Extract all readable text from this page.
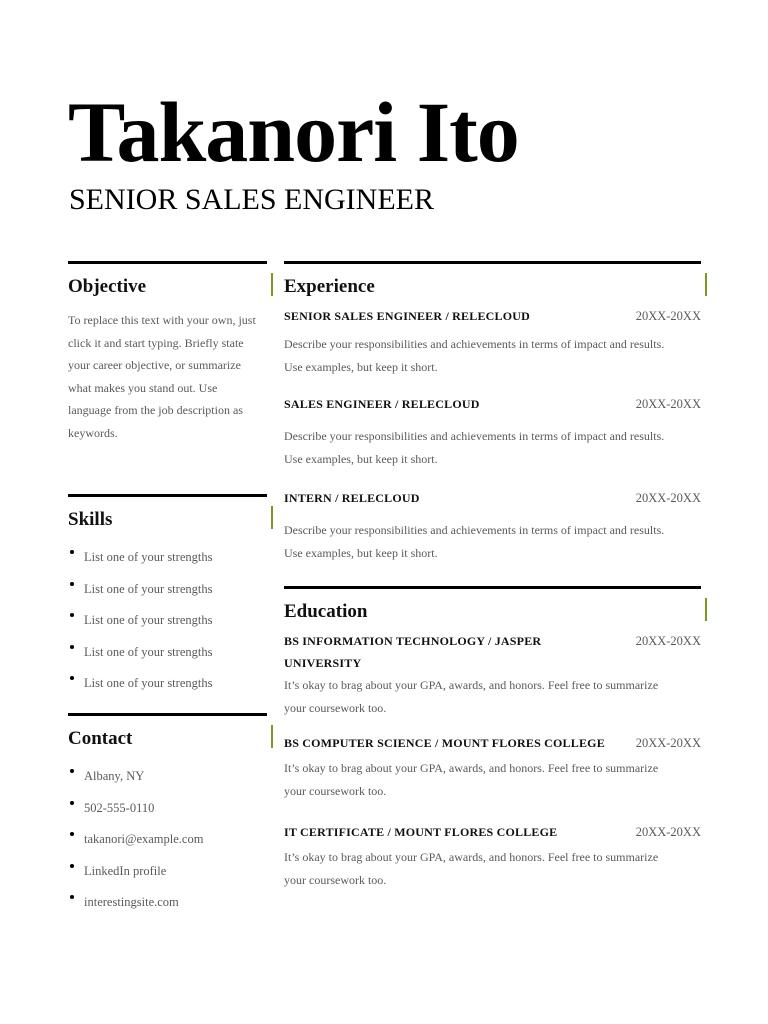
Takanori Ito
SENIOR SALES ENGINEER
Objective

To replace this text with your own, just

click it and start typing. Briefly state

your career objective, or summarize

what makes you stand out. Use

language from the job description as

keywords.

Skills
List one of your strengths
List one of your strengths
List one of your strengths
List one of your strengths
List one of your strengths
Contact
Albany, NY
502-555-0110
takanori@example.com
LinkedIn profile
interestingsite.com
Experience
SENIOR SALES ENGINEER / RELECLOUD	20XX-20XX

Describe your responsibilities and achievements in terms of impact and results.

Use examples, but keep it short.

SALES ENGINEER / RELECLOUD	20XX-20XX

Describe your responsibilities and achievements in terms of impact and results.

Use examples, but keep it short.

INTERN / RELECLOUD	20XX-20XX

Describe your responsibilities and achievements in terms of impact and results.

Use examples, but keep it short.

Education
BS INFORMATION TECHNOLOGY / JASPER
UNIVERSITY
20XX-20XX

It’s okay to brag about your GPA, awards, and honors. Feel free to summarize

your coursework too.

BS COMPUTER SCIENCE / MOUNT FLORES COLLEGE 20XX-20XX

It’s okay to brag about your GPA, awards, and honors. Feel free to summarize

your coursework too.

IT CERTIFICATE / MOUNT FLORES COLLEGE	20XX-20XX

It’s okay to brag about your GPA, awards, and honors. Feel free to summarize

your coursework too.
